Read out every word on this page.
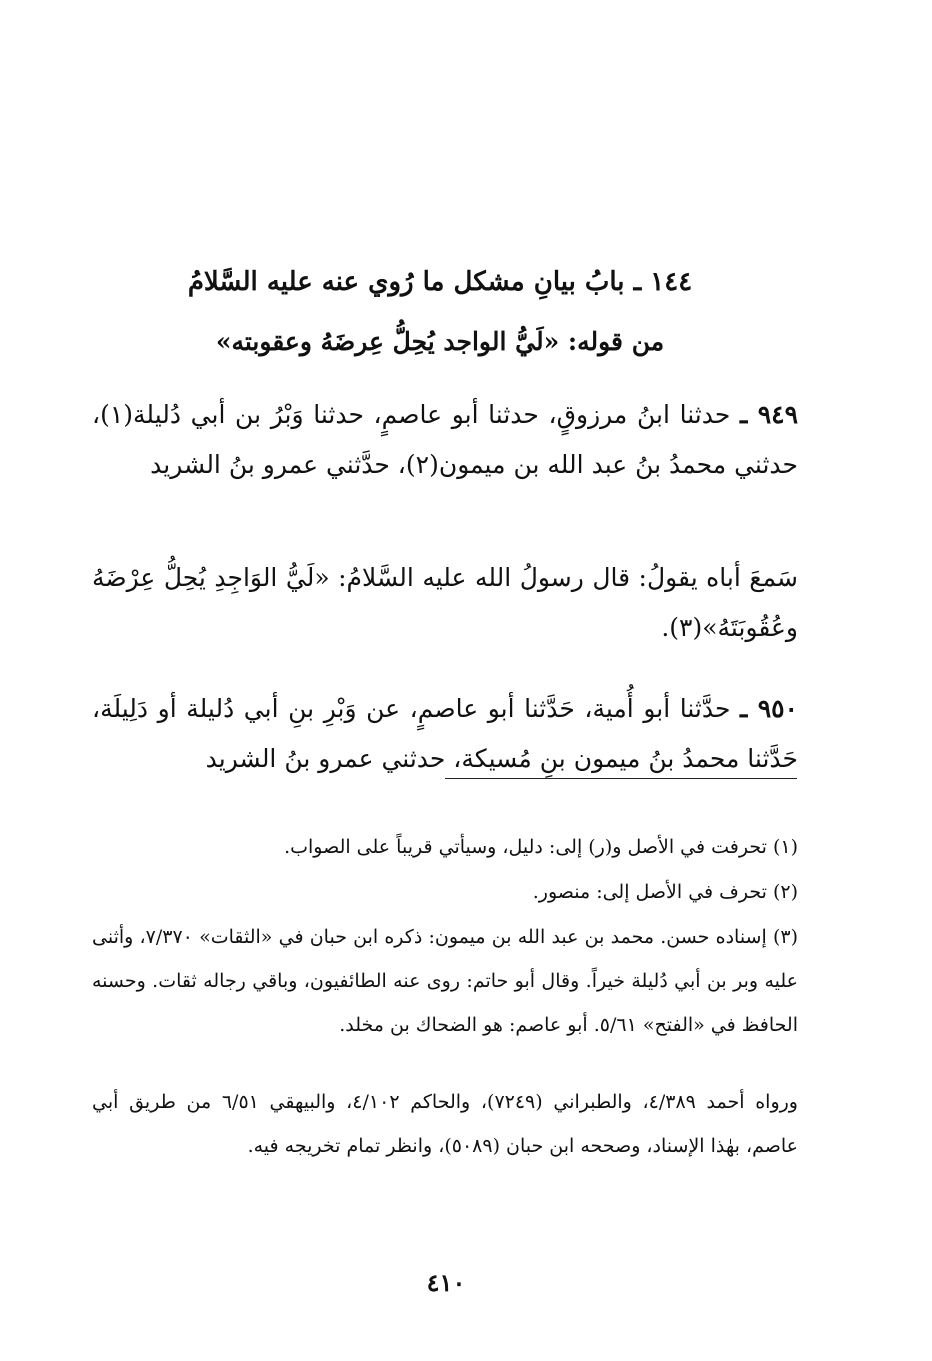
١٤٤ ـ بابُ بيانِ مشكل ما رُوي عنه عليه السَّلامُ
من قوله: «لَيُّ الواجد يُحِلُّ عِرضَهُ وعقوبته»
٩٤٩ ـ حدثنا ابنُ مرزوقٍ، حدثنا أبو عاصمٍ، حدثنا وَبْرُ بن أبي دُليلة(١)، حدثني محمدُ بنُ عبد الله بن ميمون(٢)، حدَّثني عمرو بنُ الشريد
سَمعَ أباه يقولُ: قال رسولُ الله عليه السَّلامُ: «لَيُّ الوَاجِدِ يُحِلُّ عِرْضَهُ وعُقُوبَتَهُ»(٣).
٩٥٠ ـ حدَّثنا أبو أُمية، حَدَّثنا أبو عاصمٍ، عن وَبْرِ بنِ أبي دُليلة أو دَلِيلَة، حَدَّثنا محمدُ بنُ ميمون بنِ مُسيكة، حدثني عمرو بنُ الشريد
(١) تحرفت في الأصل و(ر) إلى: دليل، وسيأتي قريباً على الصواب.
(٢) تحرف في الأصل إلى: منصور.
(٣) إسناده حسن. محمد بن عبد الله بن ميمون: ذكره ابن حبان في «الثقات» ٧/٣٧٠، وأثنى عليه وبر بن أبي دُليلة خيراً. وقال أبو حاتم: روى عنه الطائفيون، وباقي رجاله ثقات. وحسنه الحافظ في «الفتح» ٥/٦١. أبو عاصم: هو الضحاك بن مخلد.
ورواه أحمد ٤/٣٨٩، والطبراني (٧٢٤٩)، والحاكم ٤/١٠٢، والبيهقي ٦/٥١ من طريق أبي عاصم، بهٰذا الإسناد، وصححه ابن حبان (٥٠٨٩)، وانظر تمام تخريجه فيه.
٤١٠
